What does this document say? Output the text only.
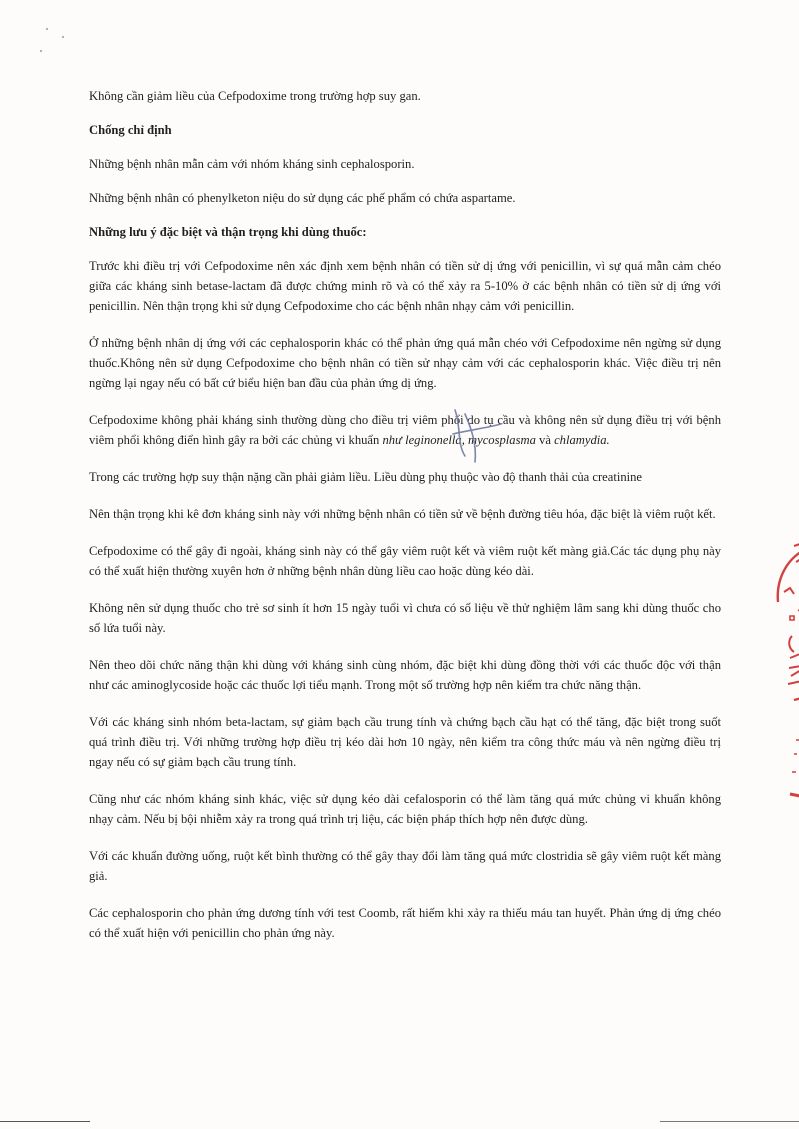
Không cần giảm liều của Cefpodoxime trong trường hợp suy gan.

Chống chỉ định

Những bệnh nhân mẫn cảm với nhóm kháng sinh cephalosporin.

Những bệnh nhân có phenylketon niệu do sử dụng các phế phẩm có chứa aspartame.

Những lưu ý đặc biệt và thận trọng khi dùng thuốc:

Trước khi điều trị với Cefpodoxime nên xác định xem bệnh nhân có tiền sử dị ứng với penicillin, vì sự quá mẫn cảm chéo giữa các kháng sinh betase-lactam đã được chứng minh rõ và có thể xảy ra 5-10% ở các bệnh nhân có tiền sử dị ứng với penicillin. Nên thận trọng khi sử dụng Cefpodoxime cho các bệnh nhân nhạy cảm với penicillin.

Ở những bệnh nhân dị ứng với các cephalosporin khác có thể phản ứng quá mẫn chéo với Cefpodoxime nên ngừng sử dụng thuốc.Không nên sử dụng Cefpodoxime cho bệnh nhân có tiền sử nhạy cảm với các cephalosporin khác. Việc điều trị nên ngừng lại ngay nếu có bất cứ biểu hiện ban đầu của phản ứng dị ứng.

Cefpodoxime không phải kháng sinh thường dùng cho điều trị viêm phổi do tụ cầu và không nên sử dụng điều trị với bệnh viêm phổi không điển hình gây ra bởi các chủng vi khuẩn như leginonella, mycosplasma và chlamydia.

Trong các trường hợp suy thận nặng cần phải giảm liều. Liều dùng phụ thuộc vào độ thanh thải của creatinine

Nên thận trọng khi kê đơn kháng sinh này với những bệnh nhân có tiền sử về bệnh đường tiêu hóa, đặc biệt là viêm ruột kết.

Cefpodoxime có thể gây đi ngoài, kháng sinh này có thể gây viêm ruột kết và viêm ruột kết màng giả.Các tác dụng phụ này có thể xuất hiện thường xuyên hơn ở những bệnh nhân dùng liều cao hoặc dùng kéo dài.

Không nên sử dụng thuốc cho trẻ sơ sinh ít hơn 15 ngày tuổi vì chưa có số liệu về thử nghiệm lâm sang khi dùng thuốc cho số lứa tuổi này.

Nên theo dõi chức năng thận khi dùng với kháng sinh cùng nhóm, đặc biệt khi dùng đồng thời với các thuốc độc với thận như các aminoglycoside hoặc các thuốc lợi tiểu mạnh. Trong một số trường hợp nên kiểm tra chức năng thận.

Với các kháng sinh nhóm beta-lactam, sự giảm bạch cầu trung tính và chứng bạch cầu hạt có thể tăng, đặc biệt trong suốt quá trình điều trị. Với những trường hợp điều trị kéo dài hơn 10 ngày, nên kiểm tra công thức máu và nên ngừng điều trị ngay nếu có sự giảm bạch cầu trung tính.

Cũng như các nhóm kháng sinh khác, việc sử dụng kéo dài cefalosporin có thể làm tăng quá mức chủng vi khuẩn không nhạy cảm. Nếu bị bội nhiễm xảy ra trong quá trình trị liệu, các biện pháp thích hợp nên được dùng.

Với các khuẩn đường uống, ruột kết bình thường có thể gây thay đổi làm tăng quá mức clostridia sẽ gây viêm ruột kết màng giả.

Các cephalosporin cho phản ứng dương tính với test Coomb, rất hiếm khi xảy ra thiếu máu tan huyết. Phản ứng dị ứng chéo có thể xuất hiện với penicillin cho phản ứng này.
